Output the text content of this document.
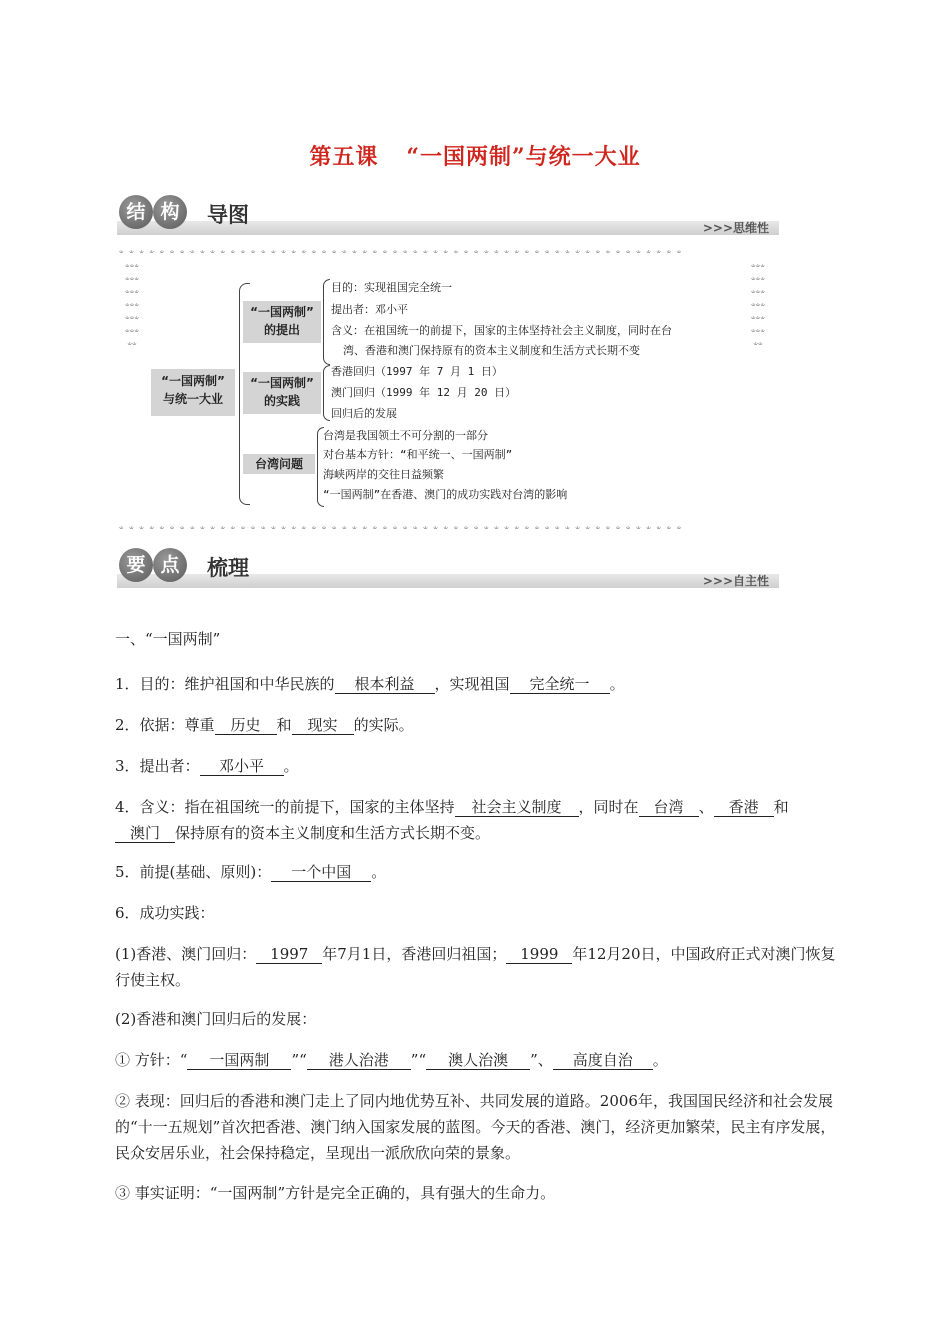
第五课 “一国两制”与统一大业
结 构	导图
>>>思维性
ಀ ಀ ಀ ಀ ಀ ಀ ಀ ಀ ಀ ಀ ಀ ಀ ಀ ಀ ಀ ಀ ಀ ಀ ಀ ಀ ಀ ಀ ಀ ಀ ಀ ಀ ಀ ಀ ಀ ಀ ಀ ಀ ಀ ಀ ಀ ಀ ಀ ಀ ಀ ಀ ಀ ಀ ಀ ಀ ಀ ಀ ಀ ಀ ಀ ಀ ಀ ಀ ಀ ಀ ಀ ಀ
ಀ ಀ ಀ ಀ ಀ ಀ ಀ ಀ ಀ ಀ ಀ ಀ ಀ ಀ ಀ ಀ ಀ ಀ ಀ ಀ ಀ ಀ ಀ ಀ ಀ ಀ ಀ ಀ ಀ ಀ ಀ ಀ ಀ ಀ ಀ ಀ ಀ ಀ ಀ ಀ ಀ ಀ ಀ ಀ ಀ ಀ ಀ ಀ ಀ ಀ ಀ ಀ ಀ ಀ ಀ ಀ
ಀಀಀಀಀಀಀಀಀಀಀಀಀಀಀಀಀಀಀಀ
ಀಀಀಀಀಀಀಀಀಀಀಀಀಀಀಀಀಀಀಀ
“一国两制”
与统一大业
“一国两制”
的提出
目的：实现祖国完全统一
提出者：邓小平
含义：在祖国统一的前提下，国家的主体坚持社会主义制度，同时在台
湾、香港和澳门保持原有的资本主义制度和生活方式长期不变
“一国两制”
的实践
香港回归（1997 年 7 月 1 日）
澳门回归（1999 年 12 月 20 日）
回归后的发展
台湾问题
台湾是我国领土不可分割的一部分
对台基本方针：“和平统一、一国两制”
海峡两岸的交往日益频繁
“一国两制”在香港、澳门的成功实践对台湾的影响
要 点	梳理
>>>自主性
一、“一国两制”
1．目的：维护祖国和中华民族的 根本利益 ，实现祖国 完全统一 。
2．依据：尊重 历史 和 现实 的实际。
3．提出者： 邓小平 。
4．含义：指在祖国统一的前提下，国家的主体坚持 社会主义制度 ，同时在 台湾 、 香港 和澳门 保持原有的资本主义制度和生活方式长期不变。
5．前提(基础、原则)： 一个中国 。
6．成功实践：
(1)香港、澳门回归： 1997 年7月1日，香港回归祖国； 1999 年12月20日，中国政府正式对澳门恢复行使主权。
(2)香港和澳门回归后的发展：
① 方针：“ 一国两制 ”“ 港人治港 ”“ 澳人治澳 ”、 高度自治 。
② 表现：回归后的香港和澳门走上了同内地优势互补、共同发展的道路。2006年，我国国民经济和社会发展的“十一五规划”首次把香港、澳门纳入国家发展的蓝图。今天的香港、澳门，经济更加繁荣，民主有序发展，民众安居乐业，社会保持稳定，呈现出一派欣欣向荣的景象。
③ 事实证明：“一国两制”方针是完全正确的，具有强大的生命力。
